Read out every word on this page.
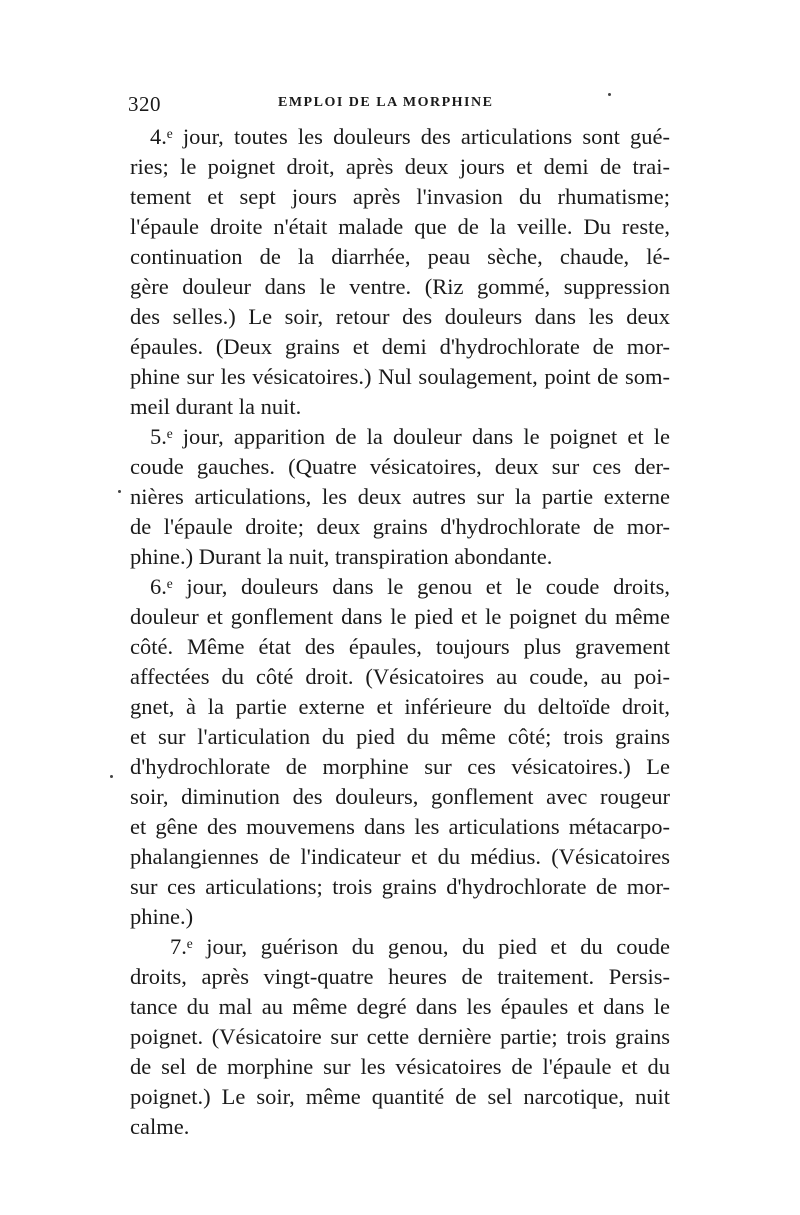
320	EMPLOI DE LA MORPHINE
4.ᵉ jour, toutes les douleurs des articulations sont gué-
ries; le poignet droit, après deux jours et demi de trai-
tement et sept jours après l'invasion du rhumatisme;
l'épaule droite n'était malade que de la veille. Du reste,
continuation de la diarrhée, peau sèche, chaude, lé-
gère douleur dans le ventre. (Riz gommé, suppression
des selles.) Le soir, retour des douleurs dans les deux
épaules. (Deux grains et demi d'hydrochlorate de mor-
phine sur les vésicatoires.) Nul soulagement, point de som-
meil durant la nuit.
5.ᵉ jour, apparition de la douleur dans le poignet et le
coude gauches. (Quatre vésicatoires, deux sur ces der-
nières articulations, les deux autres sur la partie externe
de l'épaule droite; deux grains d'hydrochlorate de mor-
phine.) Durant la nuit, transpiration abondante.
6.ᵉ jour, douleurs dans le genou et le coude droits,
douleur et gonflement dans le pied et le poignet du même
côté. Même état des épaules, toujours plus gravement
affectées du côté droit. (Vésicatoires au coude, au poi-
gnet, à la partie externe et inférieure du deltoïde droit,
et sur l'articulation du pied du même côté; trois grains
d'hydrochlorate de morphine sur ces vésicatoires.) Le
soir, diminution des douleurs, gonflement avec rougeur
et gêne des mouvemens dans les articulations métacarpo-
phalangiennes de l'indicateur et du médius. (Vésicatoires
sur ces articulations; trois grains d'hydrochlorate de mor-
phine.)
7.ᵉ jour, guérison du genou, du pied et du coude
droits, après vingt-quatre heures de traitement. Persis-
tance du mal au même degré dans les épaules et dans le
poignet. (Vésicatoire sur cette dernière partie; trois grains
de sel de morphine sur les vésicatoires de l'épaule et du
poignet.) Le soir, même quantité de sel narcotique, nuit
calme.
